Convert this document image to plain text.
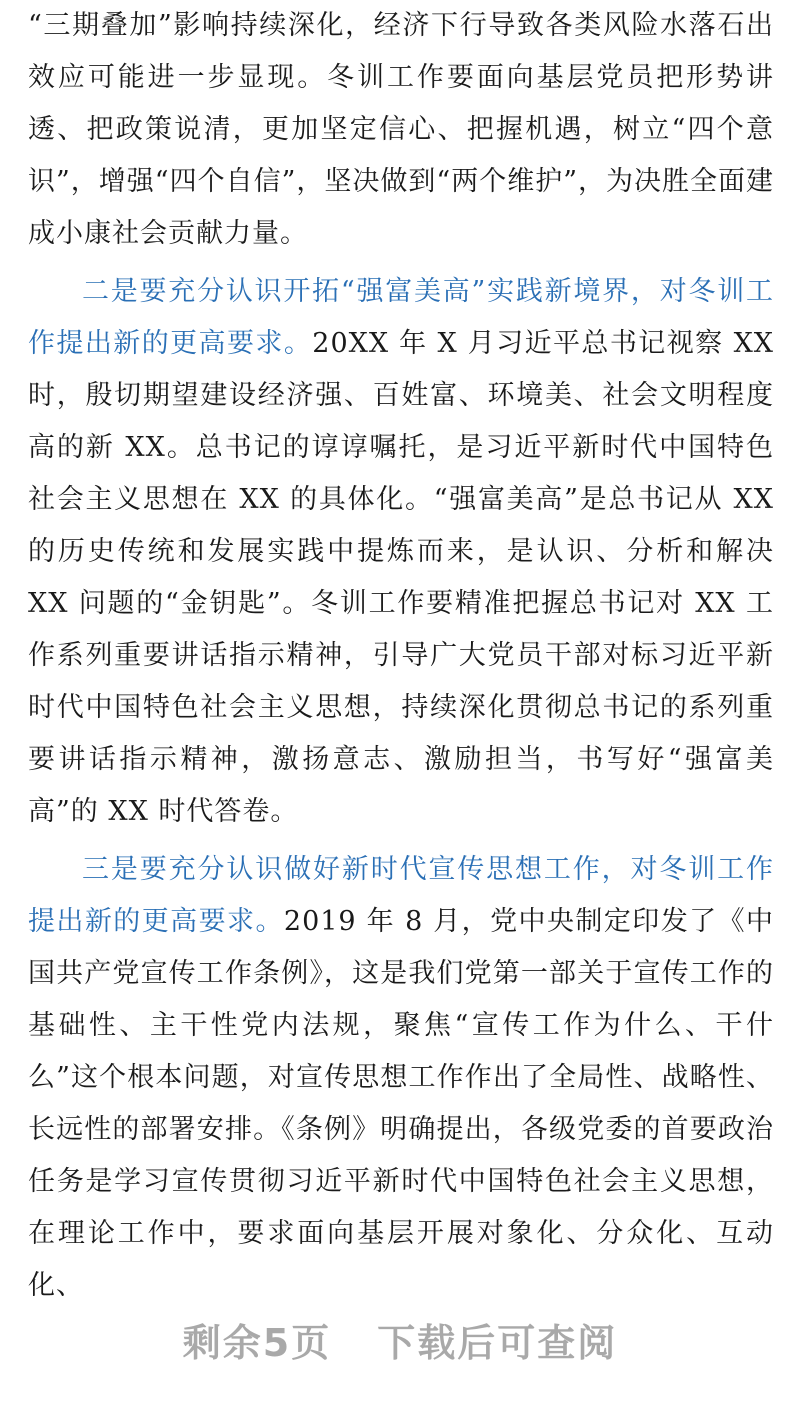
“三期叠加”影响持续深化，经济下行导致各类风险水落石出效应可能进一步显现。冬训工作要面向基层党员把形势讲透、把政策说清，更加坚定信心、把握机遇，树立“四个意识”，增强“四个自信”，坚决做到“两个维护”，为决胜全面建成小康社会贡献力量。

二是要充分认识开拓“强富美高”实践新境界，对冬训工作提出新的更高要求。20XX 年 X 月习近平总书记视察 XX 时，殷切期望建设经济强、百姓富、环境美、社会文明程度高的新 XX。总书记的谆谆嘱托，是习近平新时代中国特色社会主义思想在 XX 的具体化。“强富美高”是总书记从 XX 的历史传统和发展实践中提炼而来，是认识、分析和解决 XX 问题的“金钥匙”。冬训工作要精准把握总书记对 XX 工作系列重要讲话指示精神，引导广大党员干部对标习近平新时代中国特色社会主义思想，持续深化贯彻总书记的系列重要讲话指示精神，激扬意志、激励担当，书写好“强富美高”的 XX 时代答卷。

三是要充分认识做好新时代宣传思想工作，对冬训工作提出新的更高要求。2019 年 8 月，党中央制定印发了《中国共产党宣传工作条例》，这是我们党第一部关于宣传工作的基础性、主干性党内法规，聚焦“宣传工作为什么、干什么”这个根本问题，对宣传思想工作作出了全局性、战略性、长远性的部署安排。《条例》明确提出，各级党委的首要政治任务是学习宣传贯彻习近平新时代中国特色社会主义思想，在理论工作中，要求面向基层开展对象化、分众化、互动化、

剩余5页 下载后可查阅
